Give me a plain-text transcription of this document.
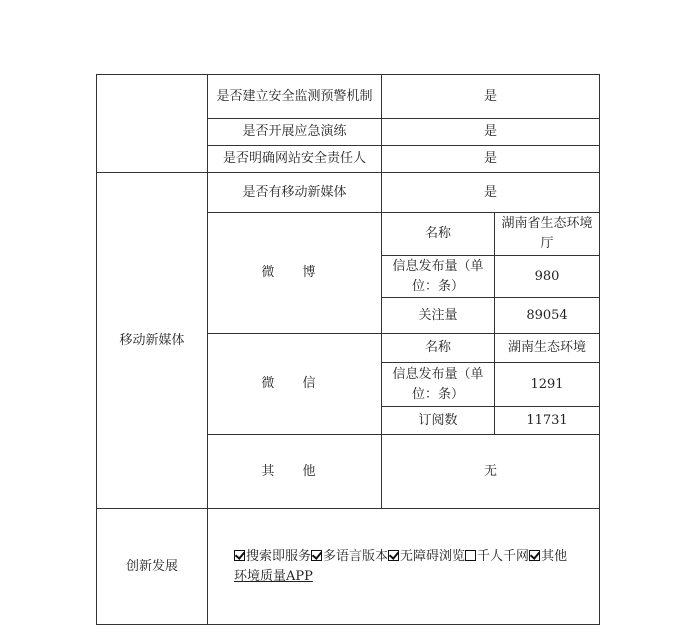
	是否建立安全监测预警机制	是	
	是否开展应急演练	是	
	是否明确网站安全责任人	是	
移动新媒体	是否有移动新媒体	是	
	微 博	名称	湖南省生态环境厅
		信息发布量（单位：条）	980
		关注量	89054
	微 信	名称	湖南生态环境
		信息发布量（单位：条）	1291
		订阅数	11731
	其 他	无	
创新发展	搜索即服务 多语言版本 无障碍浏览 千人千网 其他
环境质量APP		
